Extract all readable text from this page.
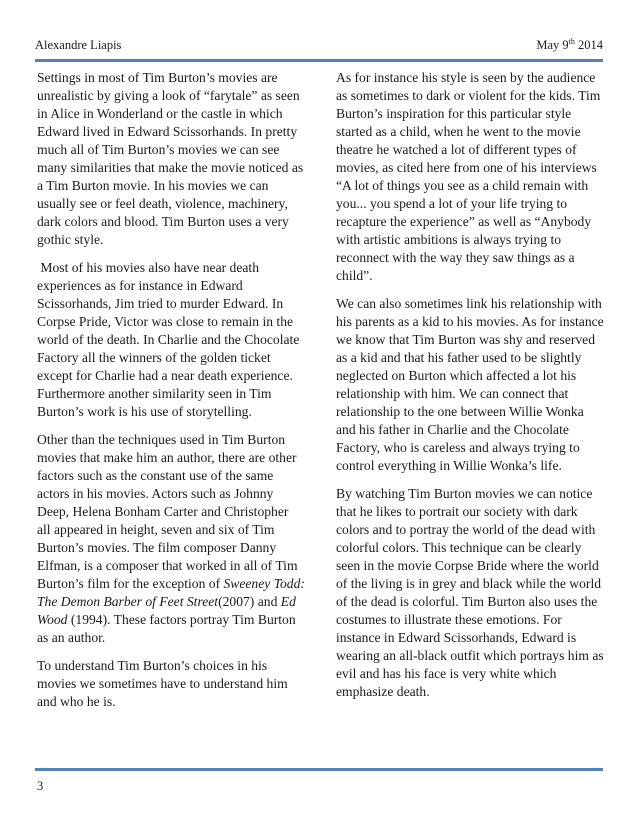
Alexandre Liapis	May 9th 2014

Settings in most of Tim Burton’s movies are unrealistic by giving a look of “farytale” as seen in Alice in Wonderland or the castle in which Edward lived in Edward Scissorhands. In pretty much all of Tim Burton’s movies we can see many similarities that make the movie noticed as a Tim Burton movie. In his movies we can usually see or feel death, violence, machinery, dark colors and blood. Tim Burton uses a very gothic style.

Most of his movies also have near death experiences as for instance in Edward Scissorhands, Jim tried to murder Edward. In Corpse Pride, Victor was close to remain in the world of the death. In Charlie and the Chocolate Factory all the winners of the golden ticket except for Charlie had a near death experience. Furthermore another similarity seen in Tim Burton’s work is his use of storytelling.

Other than the techniques used in Tim Burton movies that make him an author, there are other factors such as the constant use of the same actors in his movies. Actors such as Johnny Deep, Helena Bonham Carter and Christopher all appeared in height, seven and six of Tim Burton’s movies. The film composer Danny Elfman, is a composer that worked in all of Tim Burton’s film for the exception of Sweeney Todd: The Demon Barber of Feet Street(2007) and Ed Wood (1994). These factors portray Tim Burton as an author.

To understand Tim Burton’s choices in his movies we sometimes have to understand him and who he is.

As for instance his style is seen by the audience as sometimes to dark or violent for the kids. Tim Burton’s inspiration for this particular style started as a child, when he went to the movie theatre he watched a lot of different types of movies, as cited here from one of his interviews “A lot of things you see as a child remain with you... you spend a lot of your life trying to recapture the experience” as well as “Anybody with artistic ambitions is always trying to reconnect with the way they saw things as a child”.

We can also sometimes link his relationship with his parents as a kid to his movies. As for instance we know that Tim Burton was shy and reserved as a kid and that his father used to be slightly neglected on Burton which affected a lot his relationship with him. We can connect that relationship to the one between Willie Wonka and his father in Charlie and the Chocolate Factory, who is careless and always trying to control everything in Willie Wonka’s life.

By watching Tim Burton movies we can notice that he likes to portrait our society with dark colors and to portray the world of the dead with colorful colors. This technique can be clearly seen in the movie Corpse Bride where the world of the living is in grey and black while the world of the dead is colorful. Tim Burton also uses the costumes to illustrate these emotions. For instance in Edward Scissorhands, Edward is wearing an all-black outfit which portrays him as evil and has his face is very white which emphasize death.

3
